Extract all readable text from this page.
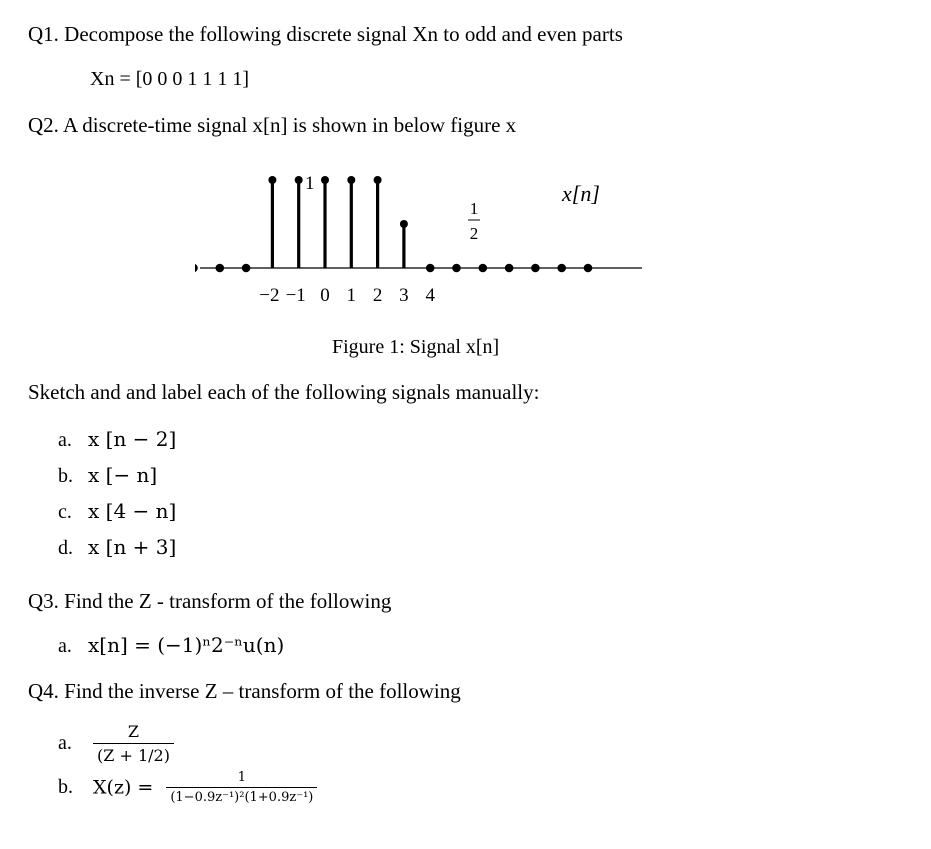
Q1. Decompose the following discrete signal Xn to odd and even parts
Xn = [0 0 0 1 1 1 1]
Q2. A discrete-time signal x[n] is shown in below figure x
1
1
2
x[n]
−2 −1 0 1 2 3 4
Figure 1: Signal x[n]
Sketch and and label each of the following signals manually:
a. x [n − 2]
b. x [− n]
c. x [4 − n]
d. x [n + 3]
Q3. Find the Z - transform of the following
a. x[n] = (−1)ⁿ2⁻ⁿu(n)
Q4. Find the inverse Z – transform of the following
a. $\frac{Z}{(Z + 1/2)}$
b. $X(z) = \frac{1}{\text{(1−0.9z⁻¹)²(1+0.9z⁻¹)}}$
